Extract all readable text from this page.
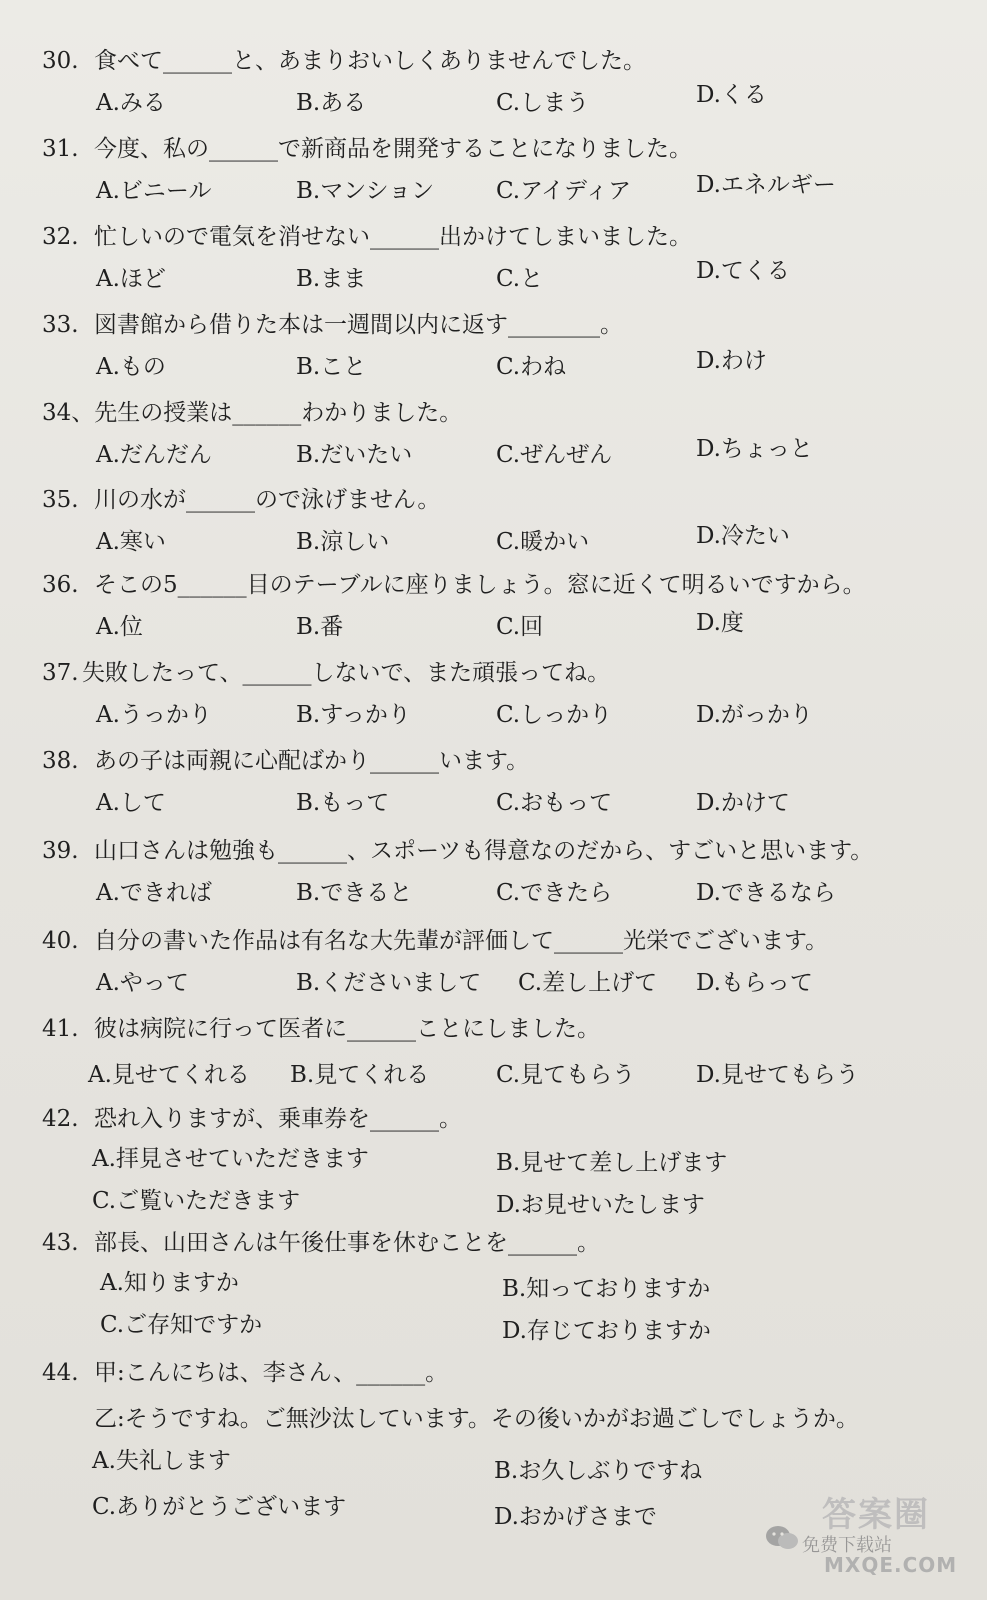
30. 食べて______と、あまりおいしくありませんでした。
A.みる	B.ある	C.しまう	D.くる
31. 今度、私の______で新商品を開発することになりました。
A.ビニール	B.マンション	C.アイディア	D.エネルギー
32. 忙しいので電気を消せない______出かけてしまいました。
A.ほど	B.まま	C.と	D.てくる
33. 図書館から借りた本は一週間以内に返す________。
A.もの	B.こと	C.わね	D.わけ
34、先生の授業は______わかりました。
A.だんだん	B.だいたい	C.ぜんぜん	D.ちょっと
35. 川の水が______ので泳げません。
A.寒い	B.涼しい	C.暖かい	D.冷たい
36. そこの5______目のテーブルに座りましょう。窓に近くて明るいですから。
A.位	B.番	C.回	D.度
37. 失敗したって、______しないで、また頑張ってね。
A.うっかり	B.すっかり	C.しっかり	D.がっかり
38. あの子は両親に心配ばかり______います。
A.して	B.もって	C.おもって	D.かけて
39. 山口さんは勉強も______、スポーツも得意なのだから、すごいと思います。
A.できれば	B.できると	C.できたら	D.できるなら
40. 自分の書いた作品は有名な大先輩が評価して______光栄でございます。
A.やって	B.くださいまして C.差し上げて D.もらって
41. 彼は病院に行って医者に______ことにしました。
A.見せてくれる B.見てくれる	C.見てもらう	D.見せてもらう
42. 恐れ入りますが、乗車券を______。
A.拝見させていただきます	B.見せて差し上げます
C.ご覧いただきます	D.お見せいたします
43. 部長、山田さんは午後仕事を休むことを______。
A.知りますか	B.知っておりますか
C.ご存知ですか	D.存じておりますか
44. 甲:こんにちは、李さん、______。
乙:そうですね。ご無沙汰しています。その後いかがお過ごしでしょうか。
A.失礼します	B.お久しぶりですね
C.ありがとうございます	D.おかげさまで	答案圈
免费下载站
MXQE.COM
